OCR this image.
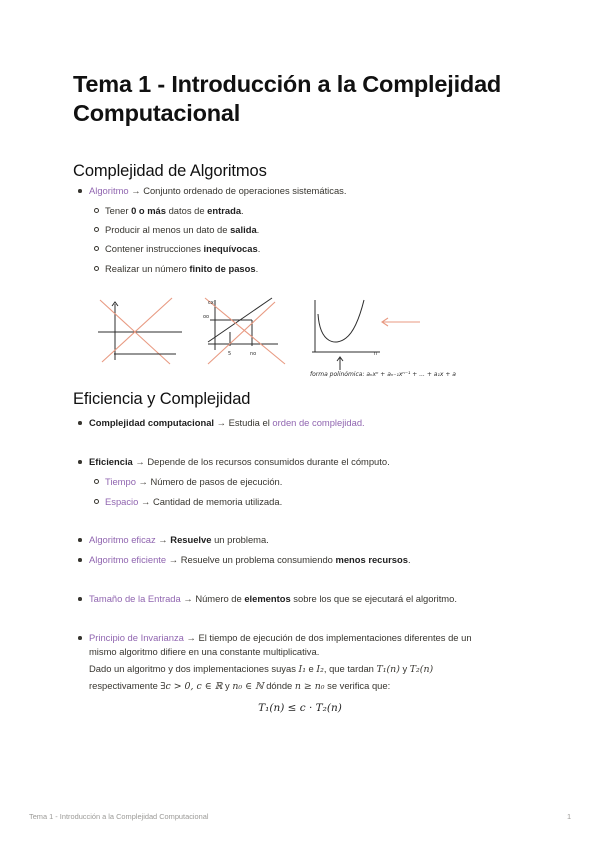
Tema 1 - Introducción a la Complejidad Computacional
Complejidad de Algoritmos
Algoritmo → Conjunto ordenado de operaciones sistemáticas.
Tener 0 o más datos de entrada.
Producir al menos un dato de salida.
Contener instrucciones inequívocas.
Realizar un número finito de pasos.
cx
oo
5	no	n
forma polinómica: aₙxⁿ + aₙ₋₁xⁿ⁻¹ + ... + a₁x + a
Eficiencia y Complejidad
Complejidad computacional → Estudia el orden de complejidad.
Eficiencia → Depende de los recursos consumidos durante el cómputo.
Tiempo → Número de pasos de ejecución.
Espacio → Cantidad de memoria utilizada.
Algoritmo eficaz → Resuelve un problema.
Algoritmo eficiente → Resuelve un problema consumiendo menos recursos.
Tamaño de la Entrada → Número de elementos sobre los que se ejecutará el algoritmo.
Principio de Invarianza → El tiempo de ejecución de dos implementaciones diferentes de un
mismo algoritmo difiere en una constante multiplicativa.
Dado un algoritmo y dos implementaciones suyas I₁ e I₂, que tardan T₁(n) y T₂(n)
respectivamente ∃c > 0, c ∈ ℝ y n₀ ∈ ℕ dónde n ≥ n₀ se verifica que:
T₁(n) ≤ c · T₂(n)
Tema 1 - Introducción a la Complejidad Computacional	1
